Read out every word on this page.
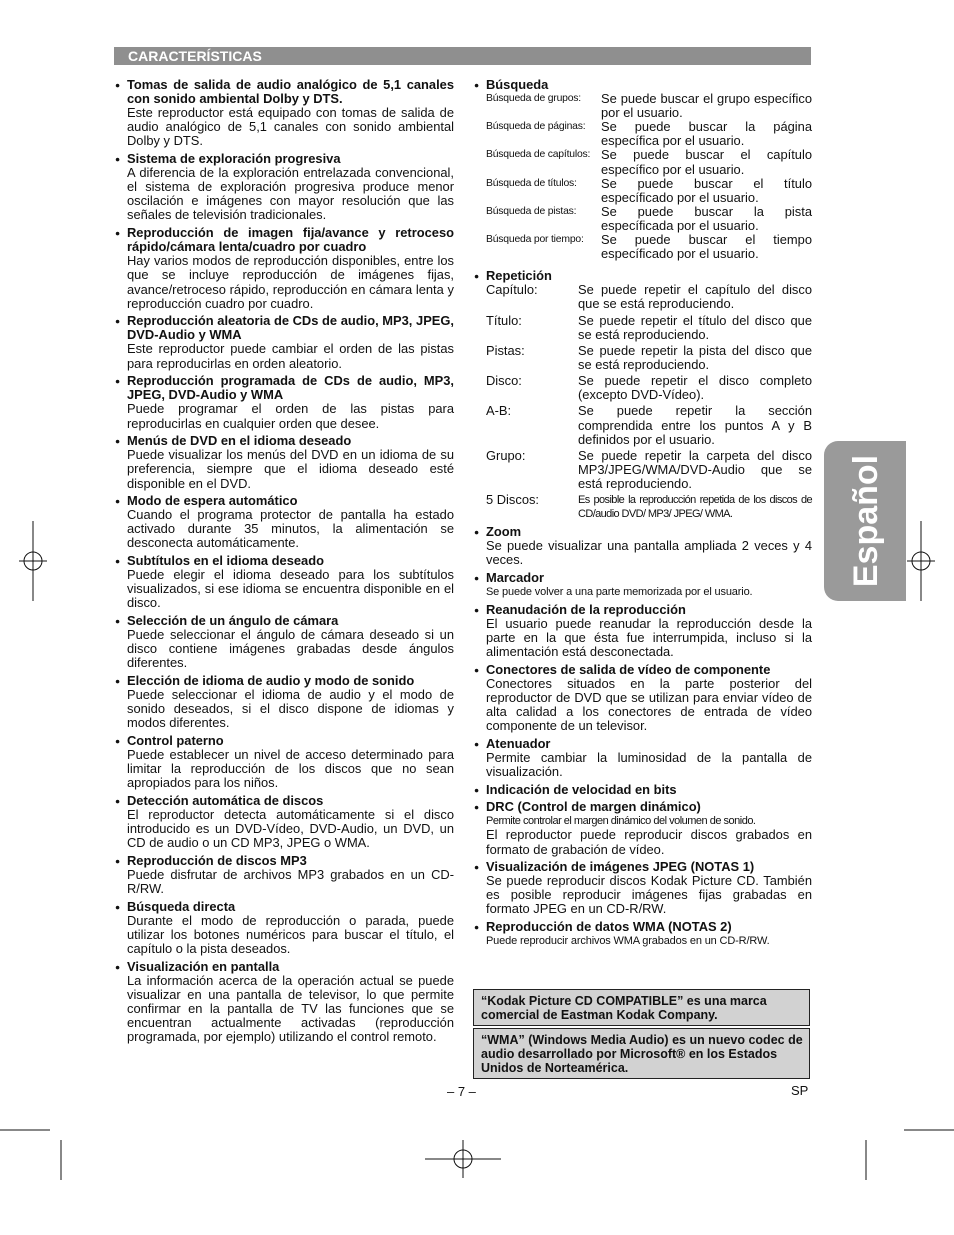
CARACTERÍSTICAS
● Tomas de salida de audio analógico de 5,1 canales con sonido ambiental Dolby y DTS.
Este reproductor está equipado con tomas de salida de audio analógico de 5,1 canales con sonido ambiental Dolby y DTS.
● Sistema de exploración progresiva
A diferencia de la exploración entrelazada convencional, el sistema de exploración progresiva produce menor oscilación e imágenes con mayor resolución que las señales de televisión tradicionales.
● Reproducción de imagen fija/avance y retroceso rápido/cámara lenta/cuadro por cuadro
Hay varios modos de reproducción disponibles, entre los que se incluye reproducción de imágenes fijas, avance/retroceso rápido, reproducción en cámara lenta y reproducción cuadro por cuadro.
● Reproducción aleatoria de CDs de audio, MP3, JPEG, DVD-Audio y WMA
Este reproductor puede cambiar el orden de las pistas para reproducirlas en orden aleatorio.
● Reproducción programada de CDs de audio, MP3, JPEG, DVD-Audio y WMA
Puede programar el orden de las pistas para reproducirlas en cualquier orden que desee.
● Menús de DVD en el idioma deseado
Puede visualizar los menús del DVD en un idioma de su preferencia, siempre que el idioma deseado esté disponible en el DVD.
● Modo de espera automático
Cuando el programa protector de pantalla ha estado activado durante 35 minutos, la alimentación se desconecta automáticamente.
● Subtítulos en el idioma deseado
Puede elegir el idioma deseado para los subtítulos visualizados, si ese idioma se encuentra disponible en el disco.
● Selección de un ángulo de cámara
Puede seleccionar el ángulo de cámara deseado si un disco contiene imágenes grabadas desde ángulos diferentes.
● Elección de idioma de audio y modo de sonido
Puede seleccionar el idioma de audio y el modo de sonido deseados, si el disco dispone de idiomas y modos diferentes.
● Control paterno
Puede establecer un nivel de acceso determinado para limitar la reproducción de los discos que no sean apropiados para los niños.
● Detección automática de discos
El reproductor detecta automáticamente si el disco introducido es un DVD-Vídeo, DVD-Audio, un DVD, un CD de audio o un CD MP3, JPEG o WMA.
● Reproducción de discos MP3
Puede disfrutar de archivos MP3 grabados en un CD-R/RW.
● Búsqueda directa
Durante el modo de reproducción o parada, puede utilizar los botones numéricos para buscar el título, el capítulo o la pista deseados.
● Visualización en pantalla
La información acerca de la operación actual se puede visualizar en una pantalla de televisor, lo que permite confirmar en la pantalla de TV las funciones que se encuentran actualmente activadas (reproducción programada, por ejemplo) utilizando el control remoto.
● Búsqueda
Búsqueda de grupos:	Se puede buscar el grupo específico por el usuario.
Búsqueda de páginas:	Se puede buscar la página específica por el usuario.
Búsqueda de capítulos: Se puede buscar el capítulo específico por el usuario.
Búsqueda de títulos:	Se puede buscar el título específicado por el usuario.
Búsqueda de pistas:	Se puede buscar la pista específicada por el usuario.
Búsqueda por tiempo:	Se puede buscar el tiempo específicado por el usuario.
● Repetición
Capítulo:	Se puede repetir el capítulo del disco que se está reproduciendo.
Título:	Se puede repetir el título del disco que se está reproduciendo.
Pistas:	Se puede repetir la pista del disco que se está reproduciendo.
Disco:	Se puede repetir el disco completo (excepto DVD-Vídeo).
A-B:	Se puede repetir la sección comprendida entre los puntos A y B definidos por el usuario.
Grupo:	Se puede repetir la carpeta del disco MP3/JPEG/WMA/DVD-Audio que se está reproduciendo.
5 Discos:	Es posible la reproducción repetida de los discos de CD/audio DVD/ MP3/ JPEG/ WMA.
● Zoom
Se puede visualizar una pantalla ampliada 2 veces y 4 veces.
● Marcador
Se puede volver a una parte memorizada por el usuario.
● Reanudación de la reproducción
El usuario puede reanudar la reproducción desde la parte en la que ésta fue interrumpida, incluso si la alimentación está desconectada.
● Conectores de salida de vídeo de componente
Conectores situados en la parte posterior del reproductor de DVD que se utilizan para enviar vídeo de alta calidad a los conectores de entrada de vídeo componente de un televisor.
● Atenuador
Permite cambiar la luminosidad de la pantalla de visualización.
● Indicación de velocidad en bits
● DRC (Control de margen dinámico)
Permite controlar el margen dinámico del volumen de sonido.
El reproductor puede reproducir discos grabados en formato de grabación de vídeo.
● Visualización de imágenes JPEG (NOTAS 1)
Se puede reproducir discos Kodak Picture CD. También es posible reproducir imágenes fijas grabadas en formato JPEG en un CD-R/RW.
● Reproducción de datos WMA (NOTAS 2)
Puede reproducir archivos WMA grabados en un CD-R/RW.
“Kodak Picture CD COMPATIBLE” es una marca comercial de Eastman Kodak Company.
“WMA” (Windows Media Audio) es un nuevo codec de audio desarrollado por Microsoft® en los Estados Unidos de Norteamérica.
Español
– 7 –	SP
